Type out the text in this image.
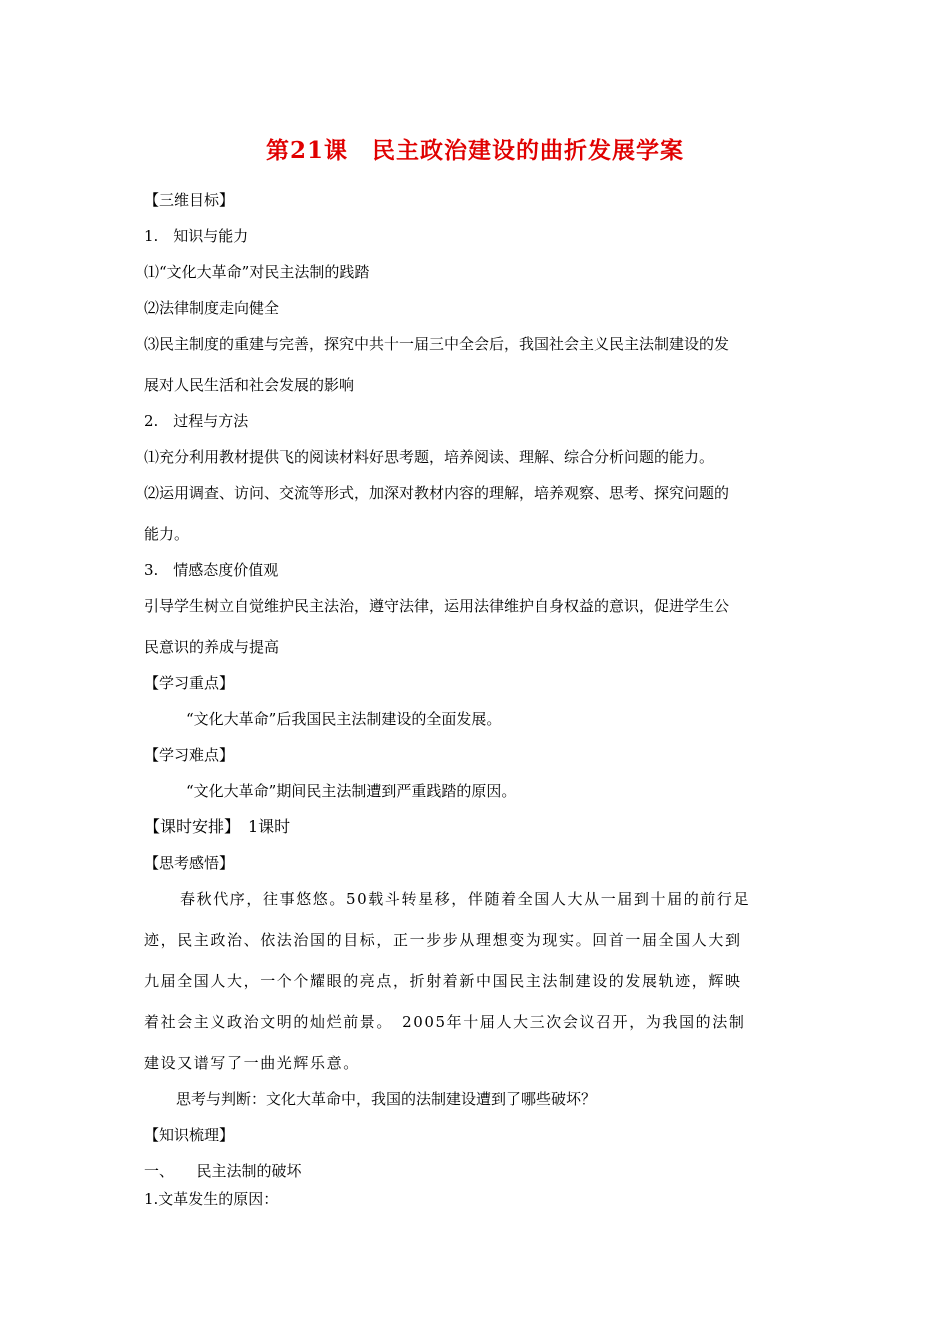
第21课　民主政治建设的曲折发展学案
【三维目标】
1.　知识与能力
⑴“文化大革命”对民主法制的践踏
⑵法律制度走向健全
⑶民主制度的重建与完善，探究中共十一届三中全会后，我国社会主义民主法制建设的发
展对人民生活和社会发展的影响
2.　过程与方法
⑴充分利用教材提供飞的阅读材料好思考题，培养阅读、理解、综合分析问题的能力。
⑵运用调查、访问、交流等形式，加深对教材内容的理解，培养观察、思考、探究问题的
能力。
3.　情感态度价值观
引导学生树立自觉维护民主法治，遵守法律，运用法律维护自身权益的意识，促进学生公
民意识的养成与提高
【学习重点】
“文化大革命”后我国民主法制建设的全面发展。
【学习难点】
“文化大革命”期间民主法制遭到严重践踏的原因。
【课时安排】　1课时
【思考感悟】
春秋代序，往事悠悠。50载斗转星移，伴随着全国人大从一届到十届的前行足
迹，民主政治、依法治国的目标，正一步步从理想变为现实。回首一届全国人大到
九届全国人大，一个个耀眼的亮点，折射着新中国民主法制建设的发展轨迹，辉映
着社会主义政治文明的灿烂前景。　2005年十届人大三次会议召开，为我国的法制
建设又谱写了一曲光辉乐意。
思考与判断：文化大革命中，我国的法制建设遭到了哪些破坏？
【知识梳理】
一、　　民主法制的破坏
1.文革发生的原因：
